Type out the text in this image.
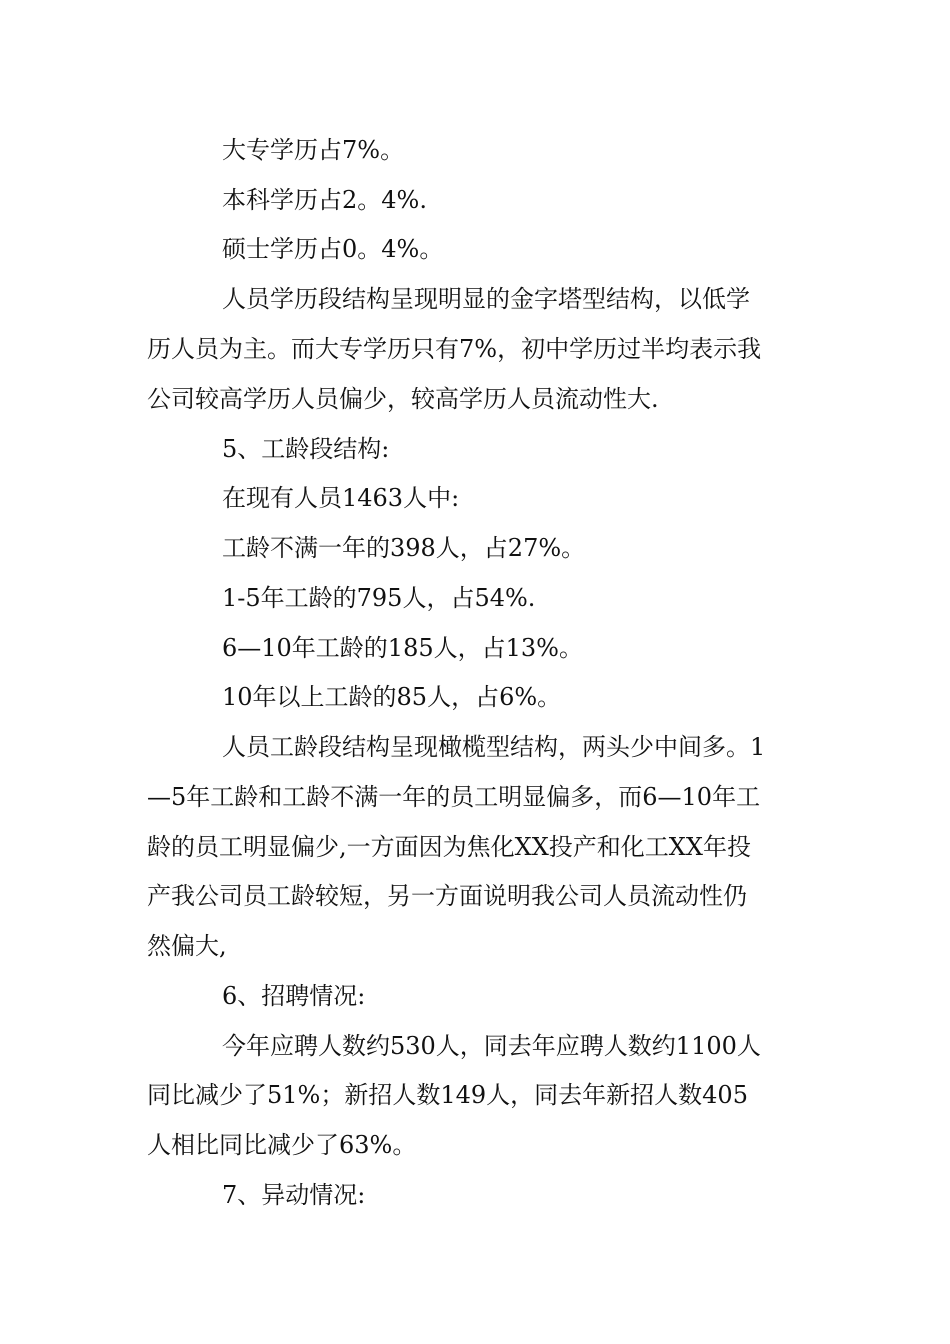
大专学历占7%。
本科学历占2。4%.
硕士学历占0。4%。
人员学历段结构呈现明显的金字塔型结构，以低学
历人员为主。而大专学历只有7%，初中学历过半均表示我
公司较高学历人员偏少，较高学历人员流动性大.
5、工龄段结构:
在现有人员1463人中:
工龄不满一年的398人，占27%。
1-5年工龄的795人，占54%.
6—10年工龄的185人，占13%。
10年以上工龄的85人，占6%。
人员工龄段结构呈现橄榄型结构，两头少中间多。1
—5年工龄和工龄不满一年的员工明显偏多，而6—10年工
龄的员工明显偏少,一方面因为焦化XX投产和化工XX年投
产我公司员工龄较短，另一方面说明我公司人员流动性仍
然偏大,
6、招聘情况:
今年应聘人数约530人，同去年应聘人数约1100人
同比减少了51%；新招人数149人，同去年新招人数405
人相比同比减少了63%。
7、异动情况:
